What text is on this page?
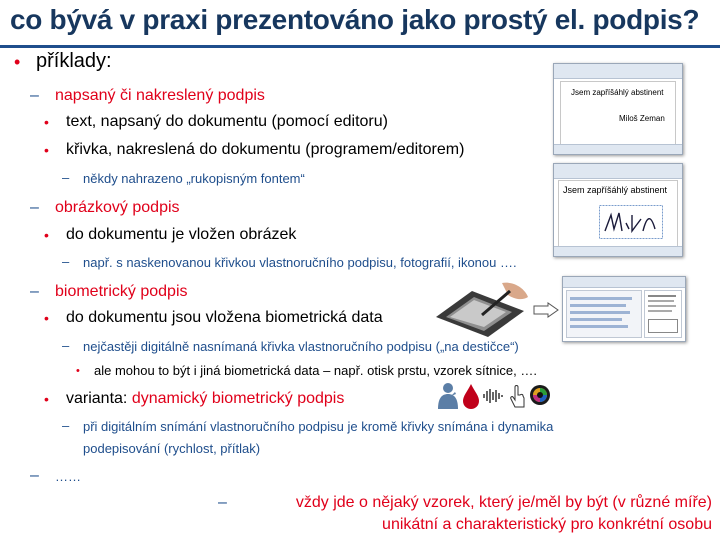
co bývá v praxi prezentováno jako prostý el. podpis?
• příklady:
– napsaný či nakreslený podpis
• text, napsaný do dokumentu (pomocí editoru)
• křivka, nakreslená do dokumentu (programem/editorem)
– někdy nahrazeno „rukopisným fontem“
– obrázkový podpis
• do dokumentu je vložen obrázek
– např. s naskenovanou křivkou vlastnoručního podpisu, fotografií, ikonou ….
– biometrický podpis
• do dokumentu jsou vložena biometrická data
– nejčastěji digitálně nasnímaná křivka vlastnoručního podpisu („na destičce“)
• ale mohou to být i jiná biometrická data – např. otisk prstu, vzorek sítnice, ….
• varianta: dynamický biometrický podpis
– při digitálním snímání vlastnoručního podpisu je kromě křivky snímána i dynamika
podepisování (rychlost, přítlak)
– ……
–	vždy jde o nějaký vzorek, který je/měl by být (v různé míře)
unikátní a charakteristický pro konkrétní osobu
Jsem zapříšáhlý abstinent
Miloš Zeman
Jsem zapříšáhlý abstinent
